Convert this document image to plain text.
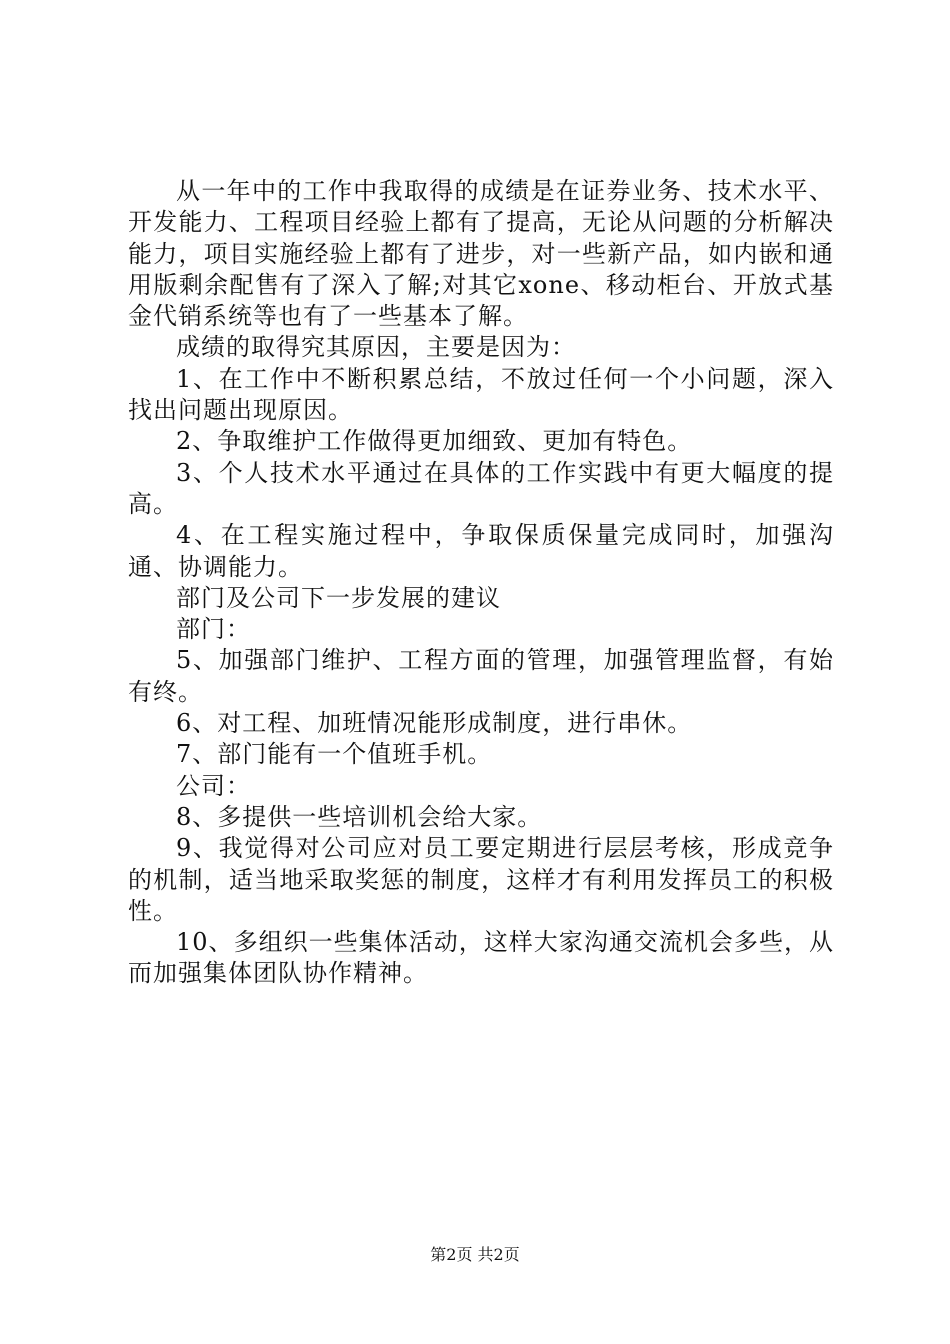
从一年中的工作中我取得的成绩是在证券业务、技术水平、开发能力、工程项目经验上都有了提高，无论从问题的分析解决能力，项目实施经验上都有了进步，对一些新产品，如内嵌和通用版剩余配售有了深入了解;对其它xone、移动柜台、开放式基金代销系统等也有了一些基本了解。

成绩的取得究其原因，主要是因为：

1、在工作中不断积累总结，不放过任何一个小问题，深入找出问题出现原因。

2、争取维护工作做得更加细致、更加有特色。

3、个人技术水平通过在具体的工作实践中有更大幅度的提高。

4、在工程实施过程中，争取保质保量完成同时，加强沟通、协调能力。

部门及公司下一步发展的建议

部门：

5、加强部门维护、工程方面的管理，加强管理监督，有始有终。

6、对工程、加班情况能形成制度，进行串休。

7、部门能有一个值班手机。

公司：

8、多提供一些培训机会给大家。

9、我觉得对公司应对员工要定期进行层层考核，形成竞争的机制，适当地采取奖惩的制度，这样才有利用发挥员工的积极性。

10、多组织一些集体活动，这样大家沟通交流机会多些，从而加强集体团队协作精神。

第2页 共2页
